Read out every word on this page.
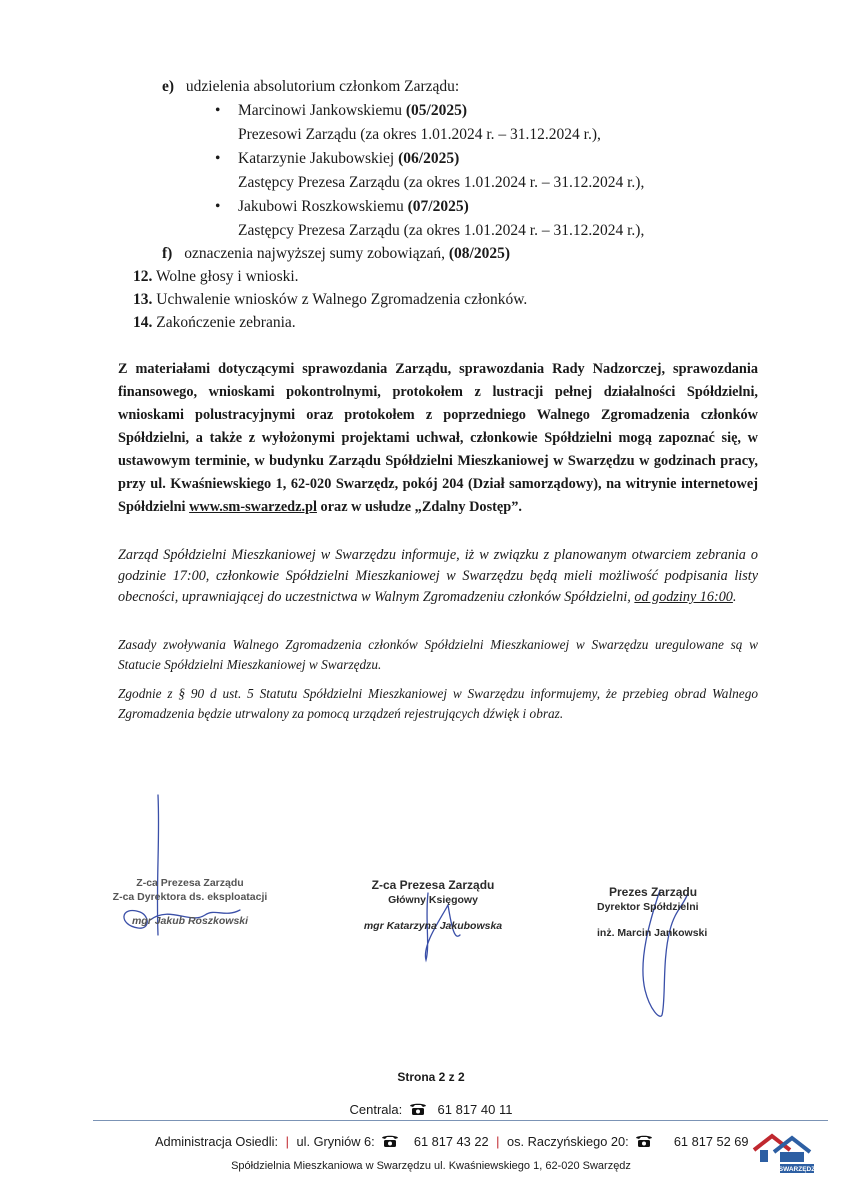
e) udzielenia absolutorium członkom Zarządu:
•	Marcinowi Jankowskiemu (05/2025)
Prezesowi Zarządu (za okres 1.01.2024 r. – 31.12.2024 r.),
•	Katarzynie Jakubowskiej (06/2025)
Zastępcy Prezesa Zarządu (za okres 1.01.2024 r. – 31.12.2024 r.),
•	Jakubowi Roszkowskiemu (07/2025)
Zastępcy Prezesa Zarządu (za okres 1.01.2024 r. – 31.12.2024 r.),
f) oznaczenia najwyższej sumy zobowiązań, (08/2025)
12. Wolne głosy i wnioski.
13. Uchwalenie wniosków z Walnego Zgromadzenia członków.
14. Zakończenie zebrania.
Z materiałami dotyczącymi sprawozdania Zarządu, sprawozdania Rady Nadzorczej, sprawozdania finansowego, wnioskami pokontrolnymi, protokołem z lustracji pełnej działalności Spółdzielni, wnioskami polustracyjnymi oraz protokołem z poprzedniego Walnego Zgromadzenia członków Spółdzielni, a także z wyłożonymi projektami uchwał, członkowie Spółdzielni mogą zapoznać się, w ustawowym terminie, w budynku Zarządu Spółdzielni Mieszkaniowej w Swarzędzu w godzinach pracy, przy ul. Kwaśniewskiego 1, 62-020 Swarzędz, pokój 204 (Dział samorządowy), na witrynie internetowej Spółdzielni www.sm-swarzedz.pl oraz w usłudze „Zdalny Dostęp”.
Zarząd Spółdzielni Mieszkaniowej w Swarzędzu informuje, iż w związku z planowanym otwarciem zebrania o godzinie 17:00, członkowie Spółdzielni Mieszkaniowej w Swarzędzu będą mieli możliwość podpisania listy obecności, uprawniającej do uczestnictwa w Walnym Zgromadzeniu członków Spółdzielni, od godziny 16:00.
Zasady zwoływania Walnego Zgromadzenia członków Spółdzielni Mieszkaniowej w Swarzędzu uregulowane są w Statucie Spółdzielni Mieszkaniowej w Swarzędzu.
Zgodnie z § 90 d ust. 5 Statutu Spółdzielni Mieszkaniowej w Swarzędzu informujemy, że przebieg obrad Walnego Zgromadzenia będzie utrwalony za pomocą urządzeń rejestrujących dźwięk i obraz.
Z-ca Prezesa Zarządu
Z-ca Dyrektora ds. eksploatacji
mgr Jakub Roszkowski
Z-ca Prezesa Zarządu
Główny Księgowy
mgr Katarzyna Jakubowska
Prezes Zarządu
Dyrektor Spółdzielni
inż. Marcin Jankowski
Strona 2 z 2
Centrala:	61 817 40 11
Administracja Osiedli: | ul. Gryniów 6:	61 817 43 22 | os. Raczyńskiego 20:	61 817 52 69
Spółdzielnia Mieszkaniowa w Swarzędzu ul. Kwaśniewskiego 1, 62-020 Swarzędz	SWARZĘDZ
